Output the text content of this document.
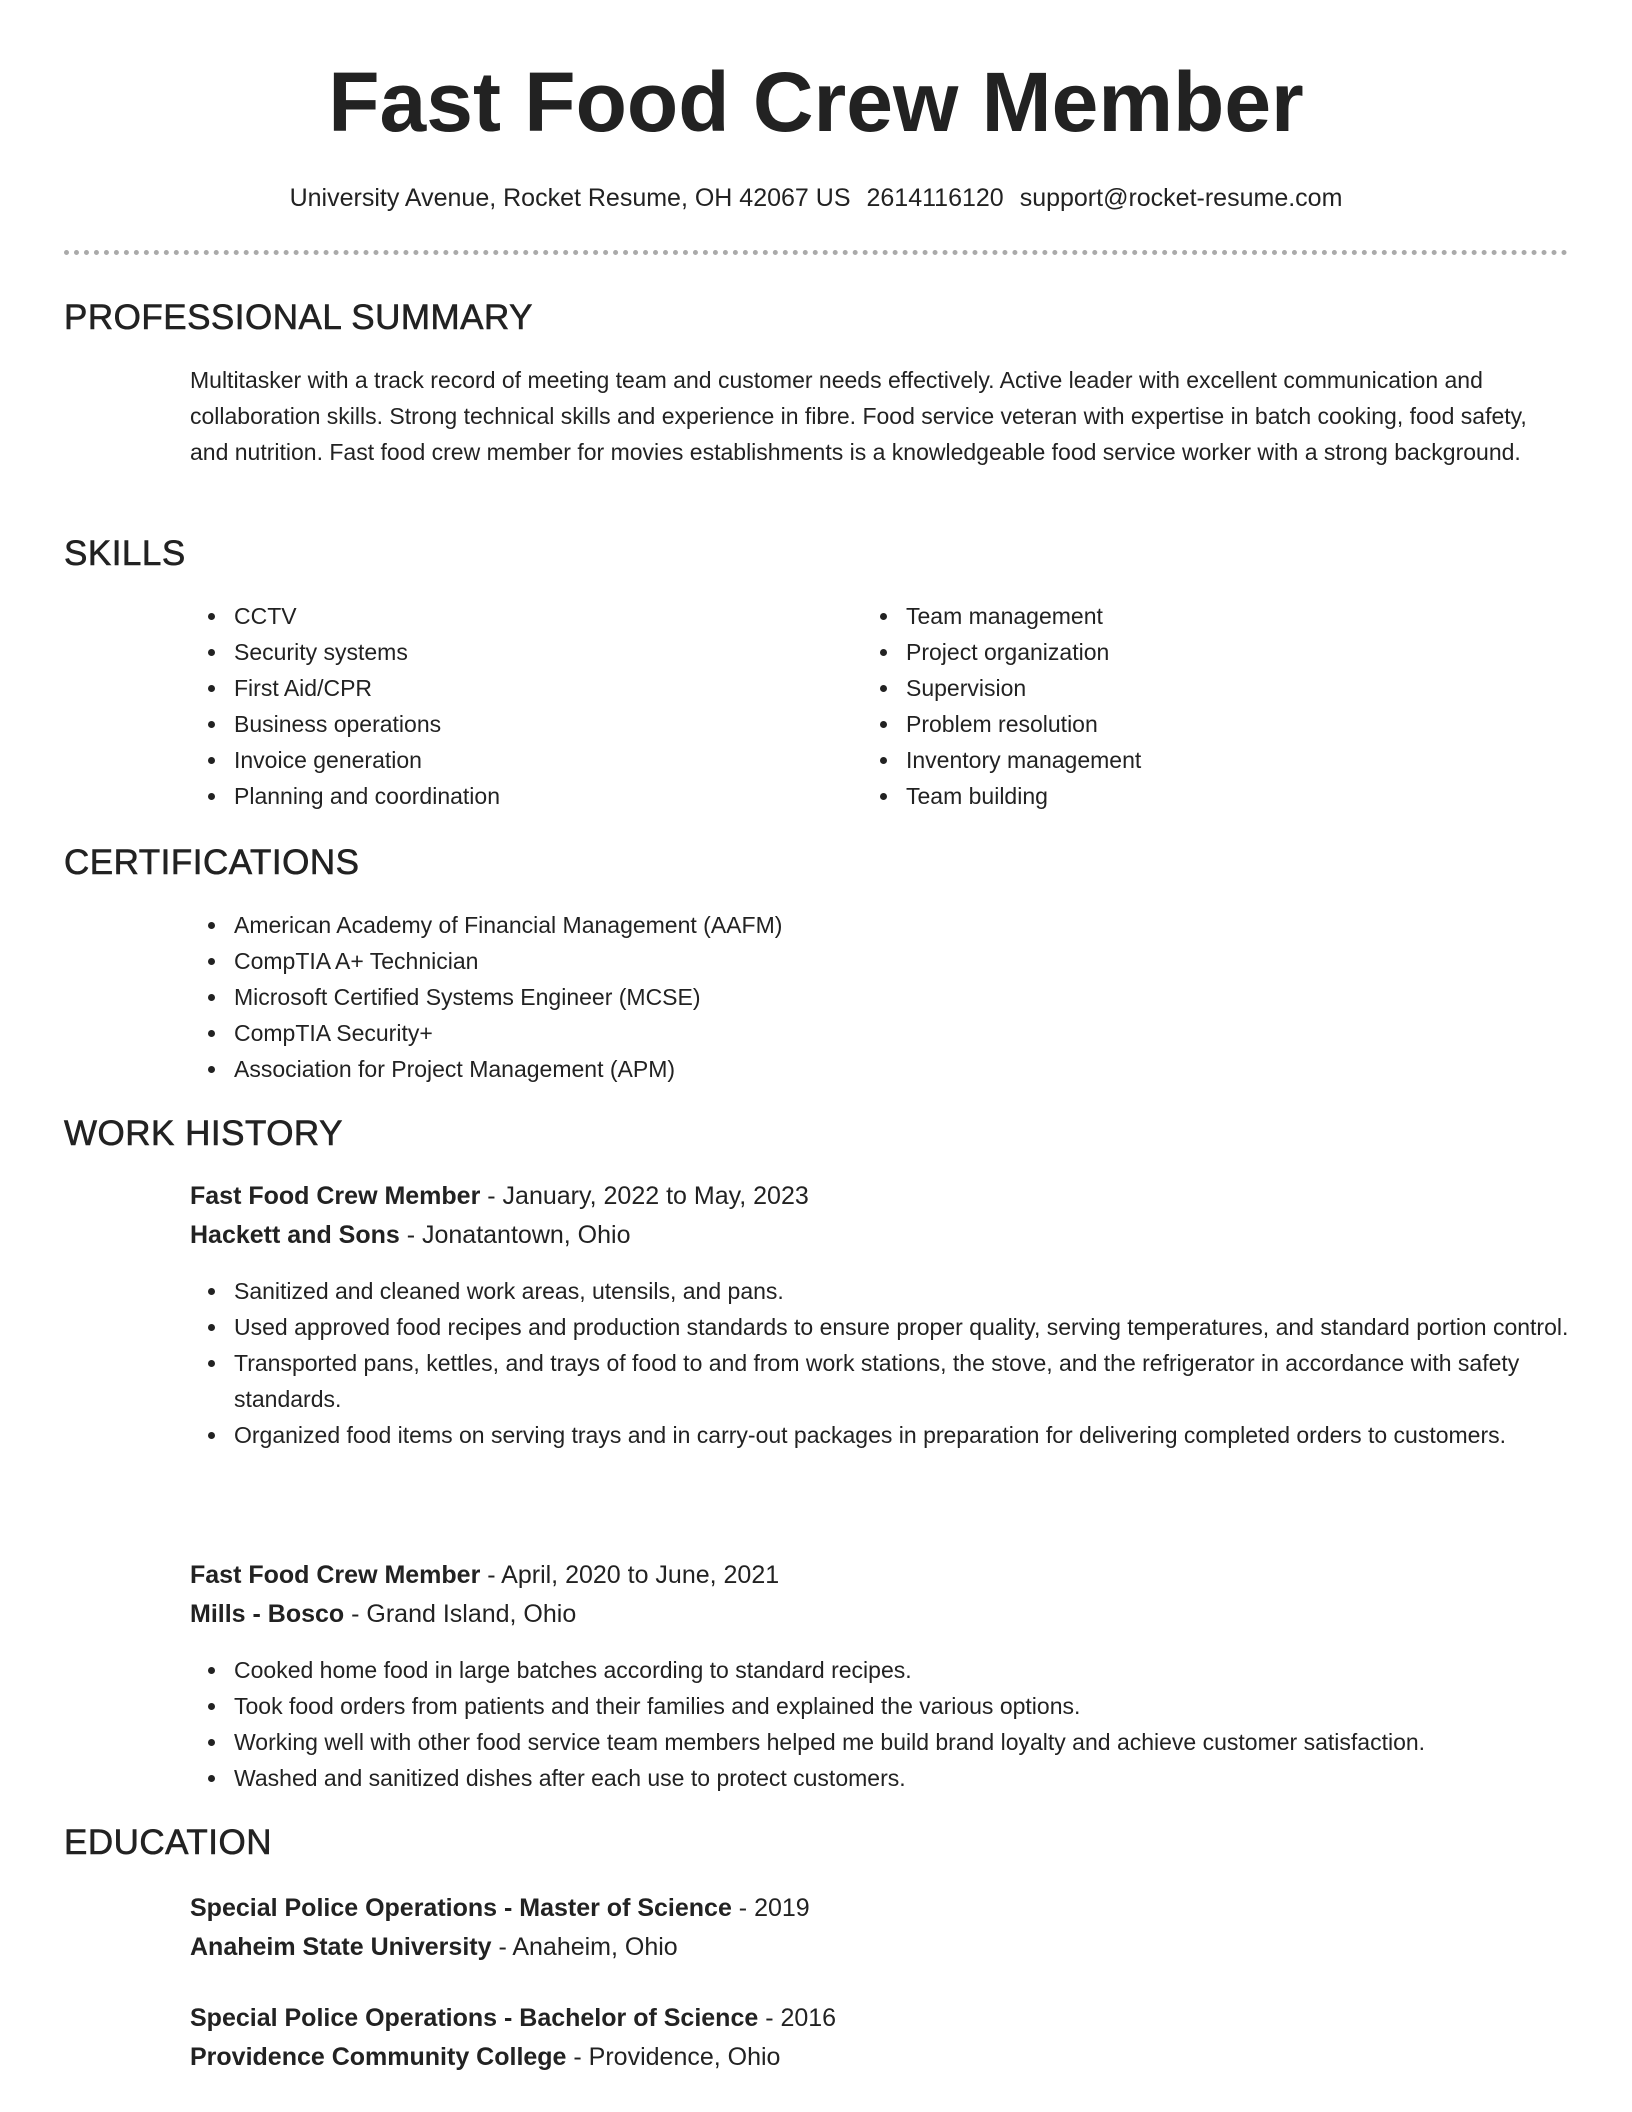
Fast Food Crew Member
University Avenue, Rocket Resume, OH 42067 US 2614116120 support@rocket-resume.com
PROFESSIONAL SUMMARY
Multitasker with a track record of meeting team and customer needs effectively. Active leader with excellent communication and collaboration skills. Strong technical skills and experience in fibre. Food service veteran with expertise in batch cooking, food safety, and nutrition. Fast food crew member for movies establishments is a knowledgeable food service worker with a strong background.
SKILLS
CCTV
Security systems
First Aid/CPR
Business operations
Invoice generation
Planning and coordination
Team management
Project organization
Supervision
Problem resolution
Inventory management
Team building
CERTIFICATIONS
American Academy of Financial Management (AAFM)
CompTIA A+ Technician
Microsoft Certified Systems Engineer (MCSE)
CompTIA Security+
Association for Project Management (APM)
WORK HISTORY
Fast Food Crew Member - January, 2022 to May, 2023
Hackett and Sons - Jonatantown, Ohio
Sanitized and cleaned work areas, utensils, and pans.
Used approved food recipes and production standards to ensure proper quality, serving temperatures, and standard portion control.
Transported pans, kettles, and trays of food to and from work stations, the stove, and the refrigerator in accordance with safety standards.
Organized food items on serving trays and in carry-out packages in preparation for delivering completed orders to customers.
Fast Food Crew Member - April, 2020 to June, 2021
Mills - Bosco - Grand Island, Ohio
Cooked home food in large batches according to standard recipes.
Took food orders from patients and their families and explained the various options.
Working well with other food service team members helped me build brand loyalty and achieve customer satisfaction.
Washed and sanitized dishes after each use to protect customers.
EDUCATION
Special Police Operations - Master of Science - 2019
Anaheim State University - Anaheim, Ohio
Special Police Operations - Bachelor of Science - 2016
Providence Community College - Providence, Ohio
